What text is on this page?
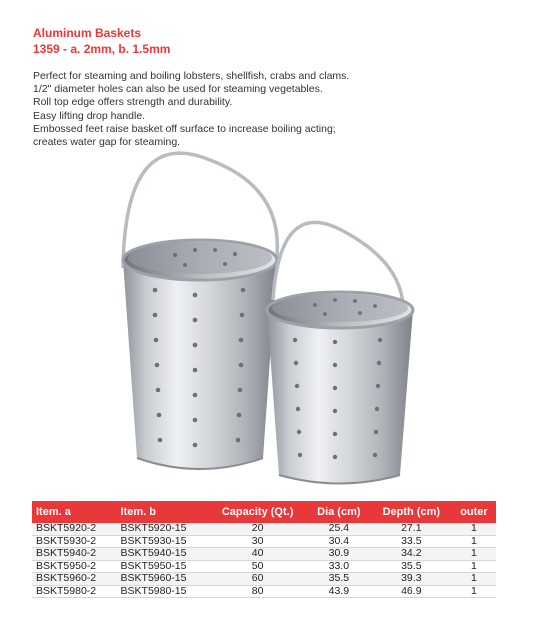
Aluminum Baskets
1359 - a. 2mm, b. 1.5mm
Perfect for steaming and boiling lobsters, shellfish, crabs and clams.
1/2" diameter holes can also be used for steaming vegetables.
Roll top edge offers strength and durability.
Easy lifting drop handle.
Embossed feet raise basket off surface to increase boiling acting;
creates water gap for steaming.
Item. a	Item. b	Capacity (Qt.)	Dia (cm)	Depth (cm)	outer
BSKT5920-2	BSKT5920-15	20	25.4	27.1	1
BSKT5930-2	BSKT5930-15	30	30.4	33.5	1
BSKT5940-2	BSKT5940-15	40	30.9	34.2	1
BSKT5950-2	BSKT5950-15	50	33.0	35.5	1
BSKT5960-2	BSKT5960-15	60	35.5	39.3	1
BSKT5980-2	BSKT5980-15	80	43.9	46.9	1
